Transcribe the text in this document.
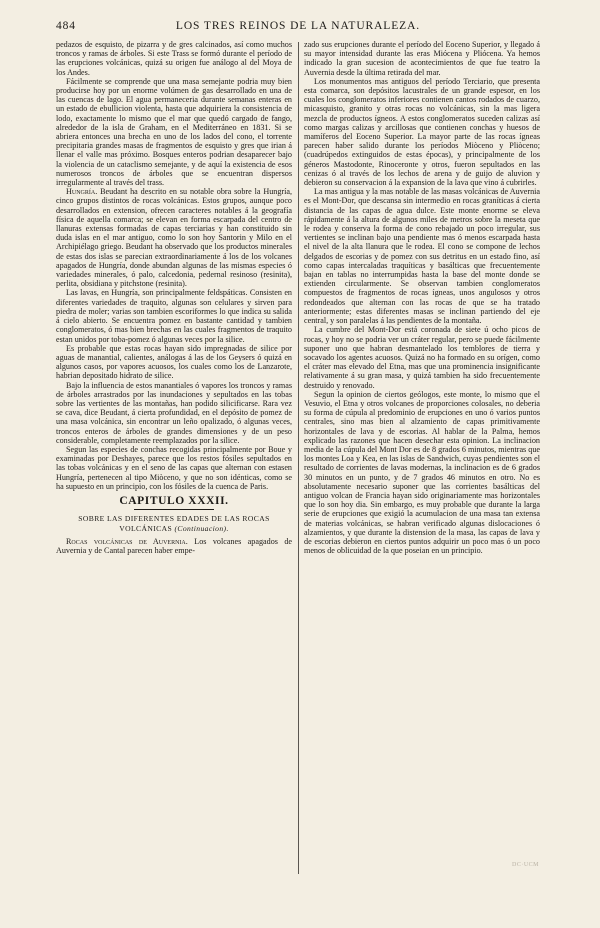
484	LOS TRES REINOS DE LA NATURALEZA.

pedazos de esquisto, de pizarra y de gres calcinados, así como muchos troncos y ramas de árboles. Si este Trass se formó durante el período de las erupciones volcánicas, quizá su origen fue análogo al del Moya de los Andes.

Fácilmente se comprende que una masa semejante podria muy bien producirse hoy por un enorme volúmen de gas desarrollado en una de las cuencas de lago. El agua permaneceria durante semanas enteras en un estado de ebullicion violenta, hasta que adquiriera la consistencia de lodo, exactamente lo mismo que el mar que quedó cargado de fango, alrededor de la isla de Graham, en el Mediterráneo en 1831. Si se abriera entonces una brecha en uno de los lados del cono, el torrente precipitaria grandes masas de fragmentos de esquisto y gres que irian á llenar el valle mas próximo. Bosques enteros podrian desaparecer bajo la violencia de un cataclismo semejante, y de aquí la existencia de esos numerosos troncos de árboles que se encuentran dispersos irregularmente al través del trass.

Hungría. Beudant ha descrito en su notable obra sobre la Hungría, cinco grupos distintos de rocas volcánicas. Estos grupos, aunque poco desarrollados en extension, ofrecen caracteres notables á la geografía física de aquella comarca; se elevan en forma escarpada del centro de llanuras extensas formadas de capas terciarias y han constituido sin duda islas en el mar antiguo, como lo son hoy Santorin y Milo en el Archipiélago griego. Beudant ha observado que los productos minerales de estas dos islas se parecian extraordinariamente á los de los volcanes apagados de Hungría, donde abundan algunas de las mismas especies ó variedades minerales, ó palo, calcedonia, pedernal resinoso (resinita), perlita, obsidiana y pitchstone (resinita).

Las lavas, en Hungría, son principalmente feldspáticas. Consisten en diferentes variedades de traquito, algunas son celulares y sirven para piedra de moler; varias son tambien escoriformes lo que indica su salida á cielo abierto. Se encuentra pomez en bastante cantidad y tambien conglomeratos, ó mas bien brechas en las cuales fragmentos de traquito estan unidos por toba-pomez ó algunas veces por la silice.

Es probable que estas rocas hayan sido impregnadas de silice por aguas de manantial, calientes, análogas á las de los Geysers ó quizá en algunos casos, por vapores acuosos, los cuales como los de Lanzarote, habrian depositado hidrato de silice.

Bajo la influencia de estos manantiales ó vapores los troncos y ramas de árboles arrastrados por las inundaciones y sepultados en las tobas sobre las vertientes de las montañas, han podido silicificarse. Rara vez se cava, dice Beudant, á cierta profundidad, en el depósito de pomez de una masa volcánica, sin encontrar un leño opalizado, ó algunas veces, troncos enteros de árboles de grandes dimensiones y de un peso considerable, completamente reemplazados por la silice.

Segun las especies de conchas recogidas principalmente por Boue y examinadas por Deshayes, parece que los restos fósiles sepultados en las tobas volcánicas y en el seno de las capas que alternan con estasen Hungría, pertenecen al tipo Miòceno, y que no son idénticas, como se ha supuesto en un principio, con los fósiles de la cuenca de Paris.

CAPITULO XXXII.
SOBRE LAS DIFERENTES EDADES DE LAS ROCAS VOLCÁNICAS (Continuacion).

Rocas volcánicas de Auvernia. Los volcanes apagados de Auvernia y de Cantal parecen haber empe-

zado sus erupciones durante el período del Eoceno Superior, y llegado á su mayor intensidad durante las eras Miócena y Pliócena. Ya hemos indicado la gran sucesion de acontecimientos de que fue teatro la Auvernia desde la última retirada del mar.

Los monumentos mas antiguos del período Terciario, que presenta esta comarca, son depósitos lacustrales de un grande espesor, en los cuales los conglomeratos inferiores contienen cantos rodados de cuarzo, micasquisto, granito y otras rocas no volcánicas, sin la mas ligera mezcla de productos ígneos. A estos conglomeratos suceden calizas así como margas calizas y arcillosas que contienen conchas y huesos de mamíferos del Eoceno Superior. La mayor parte de las rocas ígneas parecen haber salido durante los períodos Miòceno y Pliòceno; (cuadrúpedos extinguidos de estas épocas), y principalmente de los géneros Mastodonte, Rinoceronte y otros, fueron sepultados en las cenizas ó al través de los lechos de arena y de guijo de aluvion y debieron su conservacion á la expansion de la lava que vino á cubrirles.

La mas antigua y la mas notable de las masas volcánicas de Auvernia es el Mont-Dor, que descansa sin intermedio en rocas graníticas á cierta distancia de las capas de agua dulce. Este monte enorme se eleva rápidamente á la altura de algunos miles de metros sobre la meseta que le rodea y conserva la forma de cono rebajado un poco irregular, sus vertientes se inclinan bajo una pendiente mas ó menos escarpada hasta el nivel de la alta llanura que le rodea. El cono se compone de lechos delgados de escorias y de pomez con sus detritus en un estado fino, así como capas intercaladas traquíticas y basálticas que frecuentemente bajan en tablas no interrumpidas hasta la base del monte donde se extienden circularmente. Se observan tambien conglomeratos compuestos de fragmentos de rocas ígneas, unos angulosos y otros redondeados que alternan con las rocas de que se ha tratado anteriormente; estas diferentes masas se inclinan partiendo del eje central, y son paralelas á las pendientes de la montaña.

La cumbre del Mont-Dor está coronada de siete ú ocho picos de rocas, y hoy no se podria ver un cráter regular, pero se puede fácilmente suponer uno que habran desmantelado los temblores de tierra y socavado los agentes acuosos. Quizá no ha formado en su orígen, como el cráter mas elevado del Etna, mas que una prominencia insignificante relativamente á su gran masa, y quizá tambien ha sido frecuentemente destruido y renovado.

Segun la opinion de ciertos geólogos, este monte, lo mismo que el Vesuvio, el Etna y otros volcanes de proporciones colosales, no deberia su forma de cúpula al predominio de erupciones en uno ó varios puntos centrales, sino mas bien al alzamiento de capas primitivamente horizontales de lava y de escorias. Al hablar de la Palma, hemos explicado las razones que hacen desechar esta opinion. La inclinacion media de la cúpula del Mont Dor es de 8 grados 6 minutos, mientras que los montes Loa y Kea, en las islas de Sandwich, cuyas pendientes son el resultado de corrientes de lavas modernas, la inclinacion es de 6 grados 30 minutos en un punto, y de 7 grados 46 minutos en otro. No es absolutamente necesario suponer que las corrientes basálticas del antiguo volcan de Francia hayan sido originariamente mas horizontales que lo son hoy dia. Sin embargo, es muy probable que durante la larga serie de erupciones que exigió la acumulacion de una masa tan extensa de materias volcánicas, se habran verificado algunas dislocaciones ó alzamientos, y que durante la distension de la masa, las capas de lava y de escorias debieron en ciertos puntos adquirir un poco mas ó un poco menos de oblicuidad de la que poseian en un principio.

DC·UCM
